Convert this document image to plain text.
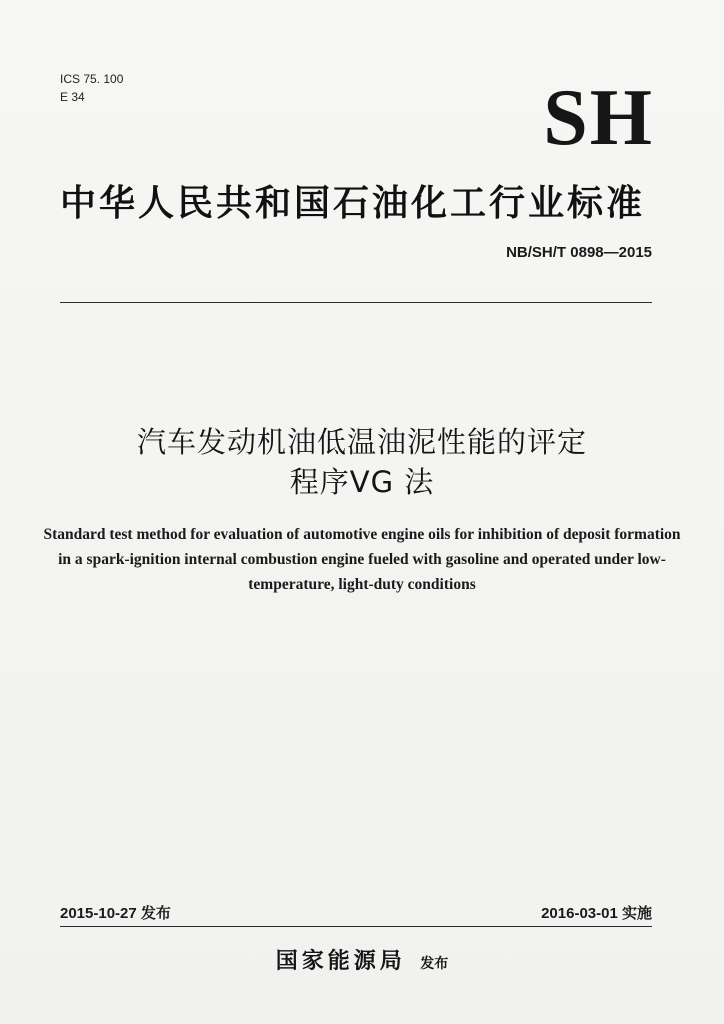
ICS 75. 100
E 34	SH
中华人民共和国石油化工行业标准
NB/SH/T 0898—2015
汽车发动机油低温油泥性能的评定
程序ⅤG 法
Standard test method for evaluation of automotive engine oils for inhibition of deposit formation in a spark-ignition internal combustion engine fueled with gasoline and operated under low-temperature, light-duty conditions
2015-10-27 发布	2016-03-01 实施
国家能源局 发布
